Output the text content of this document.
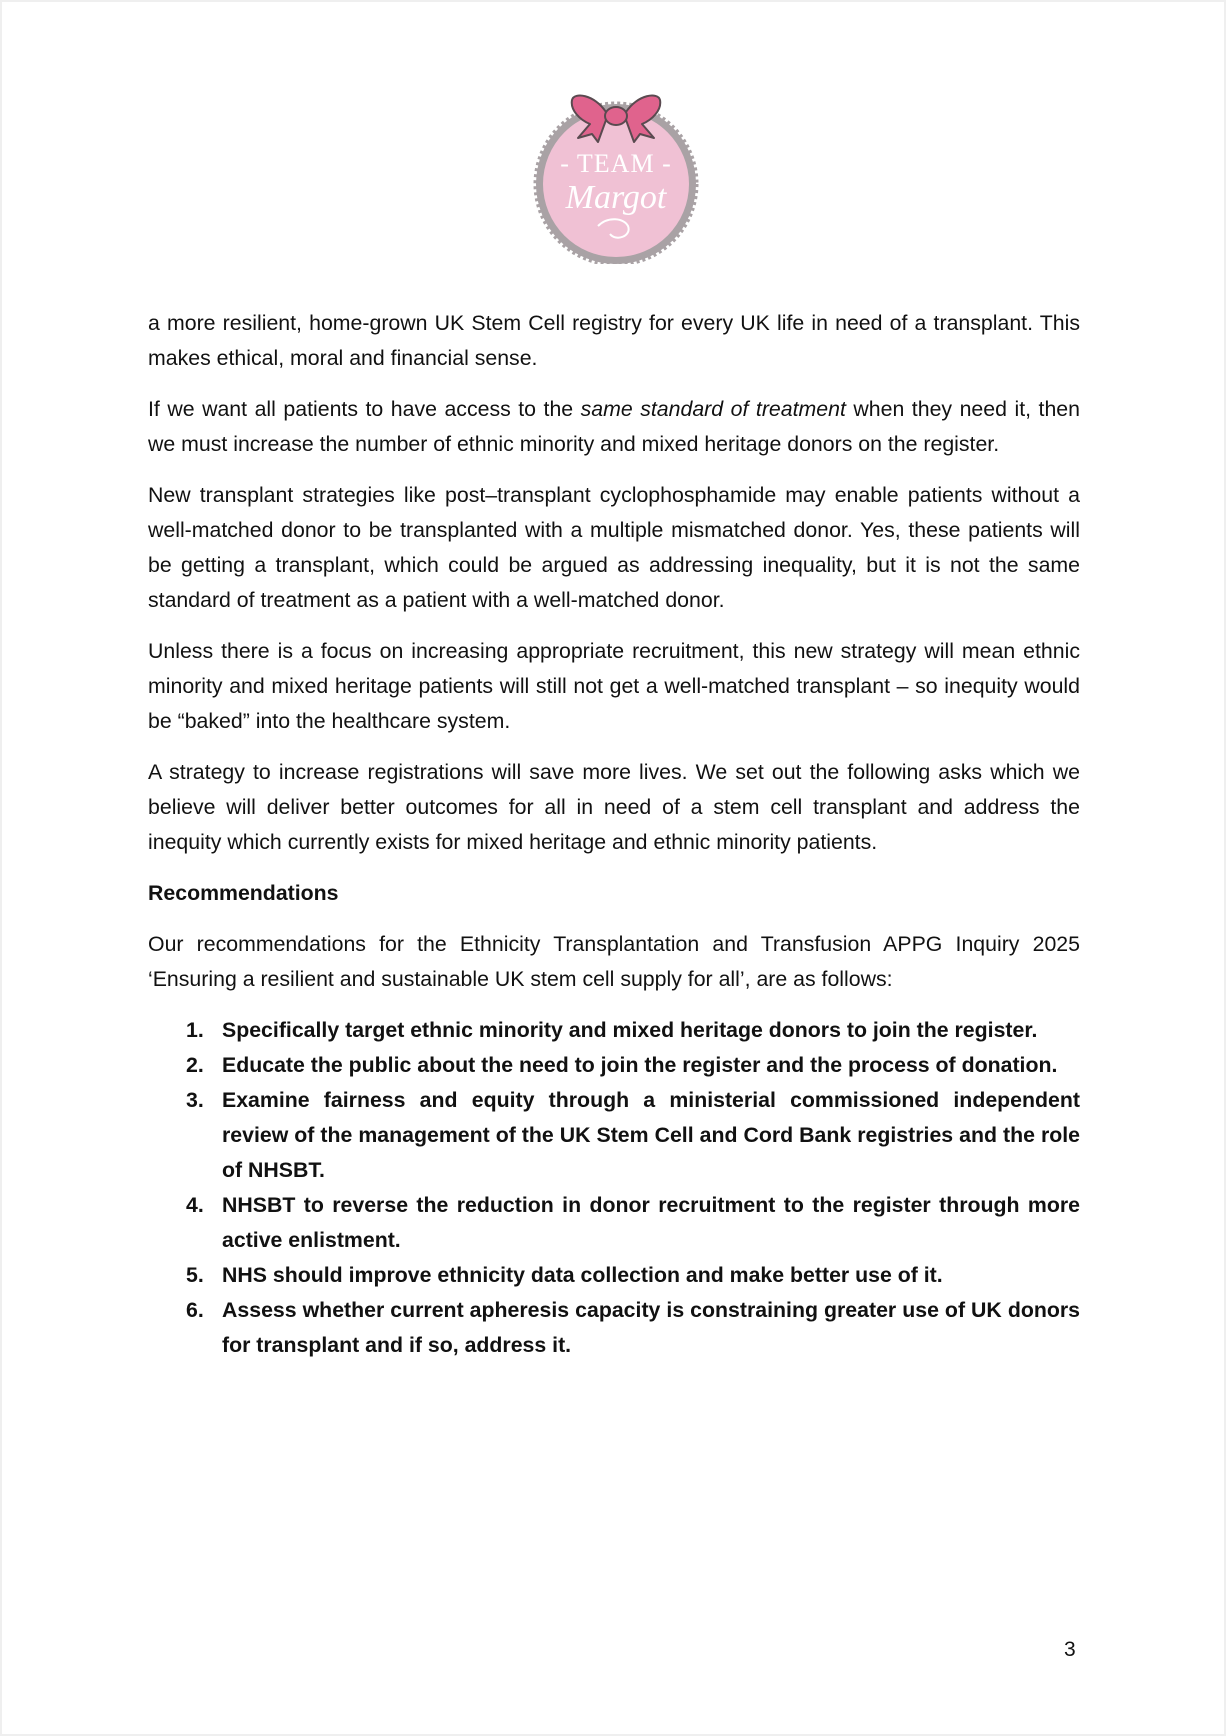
- TEAM -
Margot

a more resilient, home-grown UK Stem Cell registry for every UK life in need of a transplant. This makes ethical, moral and financial sense.

If we want all patients to have access to the same standard of treatment when they need it, then we must increase the number of ethnic minority and mixed heritage donors on the register.

New transplant strategies like post–transplant cyclophosphamide may enable patients without a well-matched donor to be transplanted with a multiple mismatched donor. Yes, these patients will be getting a transplant, which could be argued as addressing inequality, but it is not the same standard of treatment as a patient with a well-matched donor.

Unless there is a focus on increasing appropriate recruitment, this new strategy will mean ethnic minority and mixed heritage patients will still not get a well-matched transplant – so inequity would be “baked” into the healthcare system.

A strategy to increase registrations will save more lives. We set out the following asks which we believe will deliver better outcomes for all in need of a stem cell transplant and address the inequity which currently exists for mixed heritage and ethnic minority patients.

Recommendations

Our recommendations for the Ethnicity Transplantation and Transfusion APPG Inquiry 2025 ‘Ensuring a resilient and sustainable UK stem cell supply for all’, are as follows:

1. Specifically target ethnic minority and mixed heritage donors to join the register.
2. Educate the public about the need to join the register and the process of donation.
3. Examine fairness and equity through a ministerial commissioned independent review of the management of the UK Stem Cell and Cord Bank registries and the role of NHSBT.
4. NHSBT to reverse the reduction in donor recruitment to the register through more active enlistment.
5. NHS should improve ethnicity data collection and make better use of it.
6. Assess whether current apheresis capacity is constraining greater use of UK donors for transplant and if so, address it.
3
